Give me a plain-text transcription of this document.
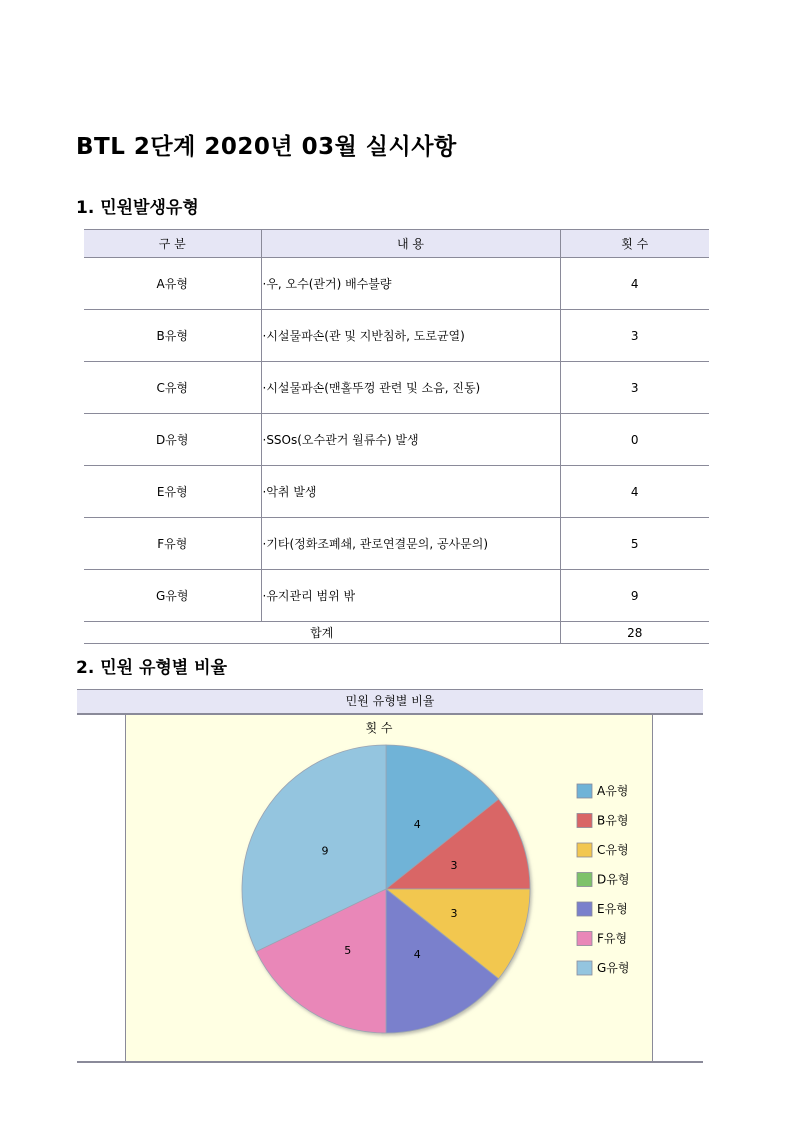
BTL 2단계 2020년 03월 실시사항
1. 민원발생유형
구 분	내 용	횟 수
A유형	·우, 오수(관거) 배수불량	4
B유형	·시설물파손(관 및 지반침하, 도로균열)	3
C유형	·시설물파손(맨홀뚜껑 관련 및 소음, 진동)	3
D유형	·SSOs(오수관거 월류수) 발생	0
E유형	·악취 발생	4
F유형	·기타(정화조폐쇄, 관로연결문의, 공사문의)	5
G유형	·유지관리 범위 밖	9
합계		28
2. 민원 유형별 비율
민원 유형별 비율
횟 수
4
3
3
4
5
9
A유형
B유형
C유형
D유형
E유형
F유형
G유형
